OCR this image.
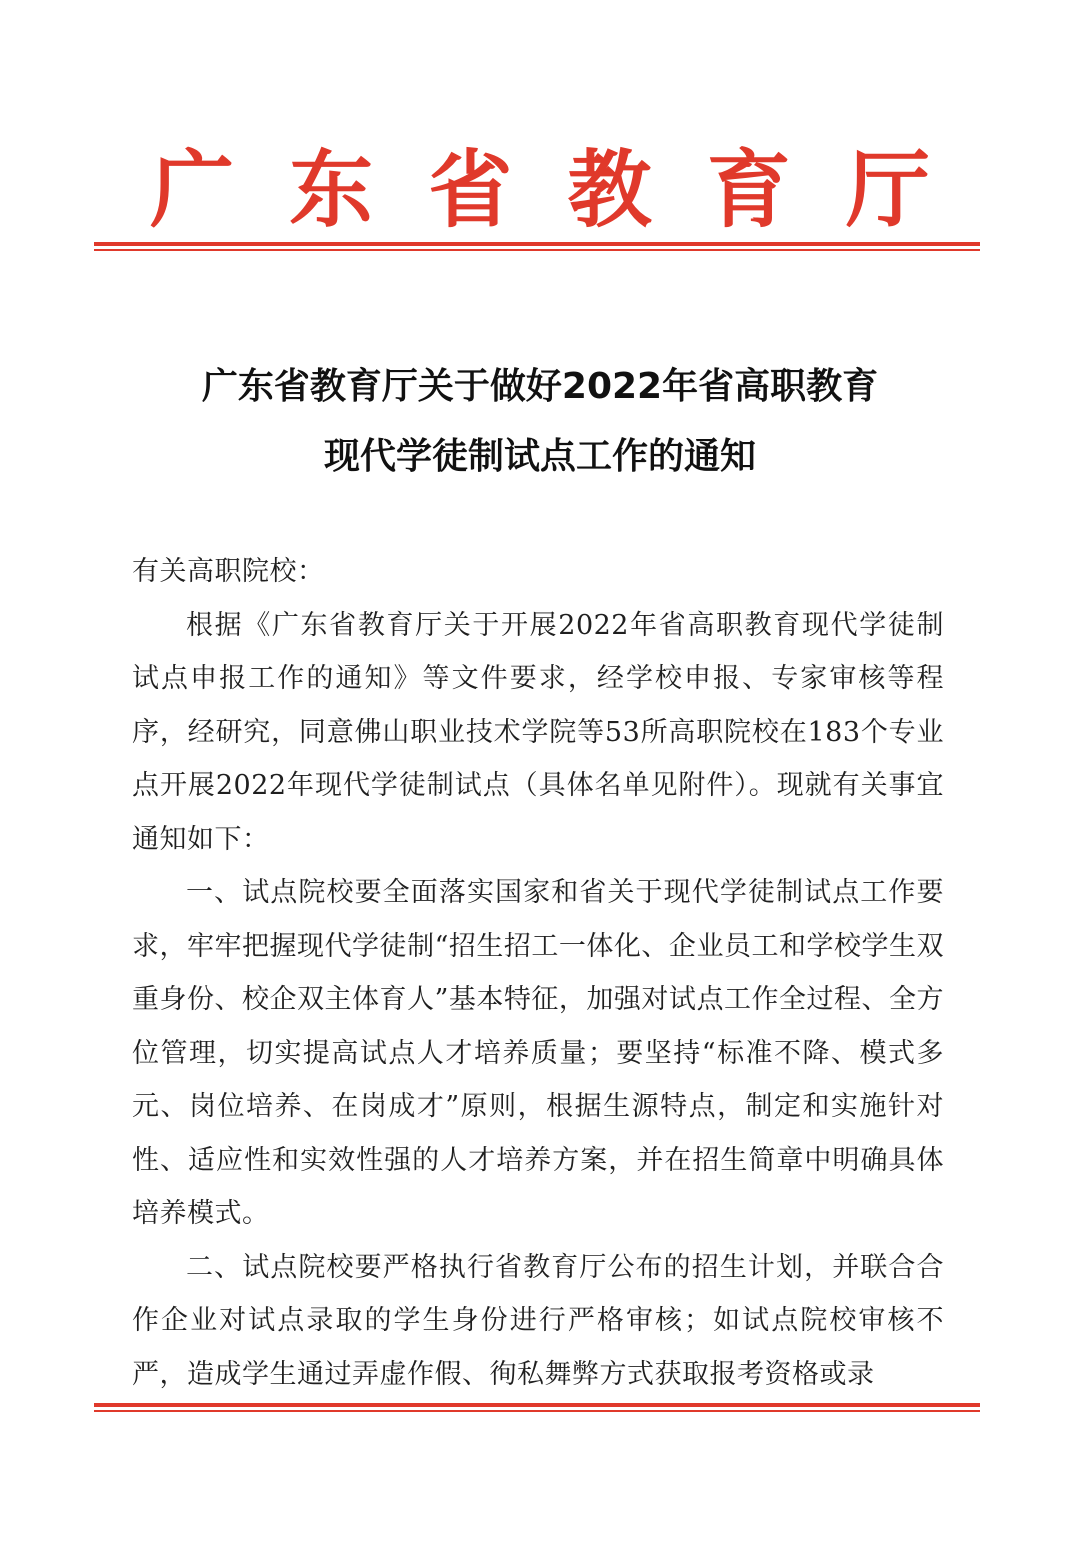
广 东 省 教 育 厅
广东省教育厅关于做好2022年省高职教育
现代学徒制试点工作的通知

有关高职院校：

根据《广东省教育厅关于开展2022年省高职教育现代学徒制试点申报工作的通知》等文件要求，经学校申报、专家审核等程序，经研究，同意佛山职业技术学院等53所高职院校在183个专业点开展2022年现代学徒制试点（具体名单见附件）。现就有关事宜通知如下：

一、试点院校要全面落实国家和省关于现代学徒制试点工作要求，牢牢把握现代学徒制“招生招工一体化、企业员工和学校学生双重身份、校企双主体育人”基本特征，加强对试点工作全过程、全方位管理，切实提高试点人才培养质量；要坚持“标准不降、模式多元、岗位培养、在岗成才”原则，根据生源特点，制定和实施针对性、适应性和实效性强的人才培养方案，并在招生简章中明确具体培养模式。

二、试点院校要严格执行省教育厅公布的招生计划，并联合合作企业对试点录取的学生身份进行严格审核；如试点院校审核不严，造成学生通过弄虚作假、徇私舞弊方式获取报考资格或录
